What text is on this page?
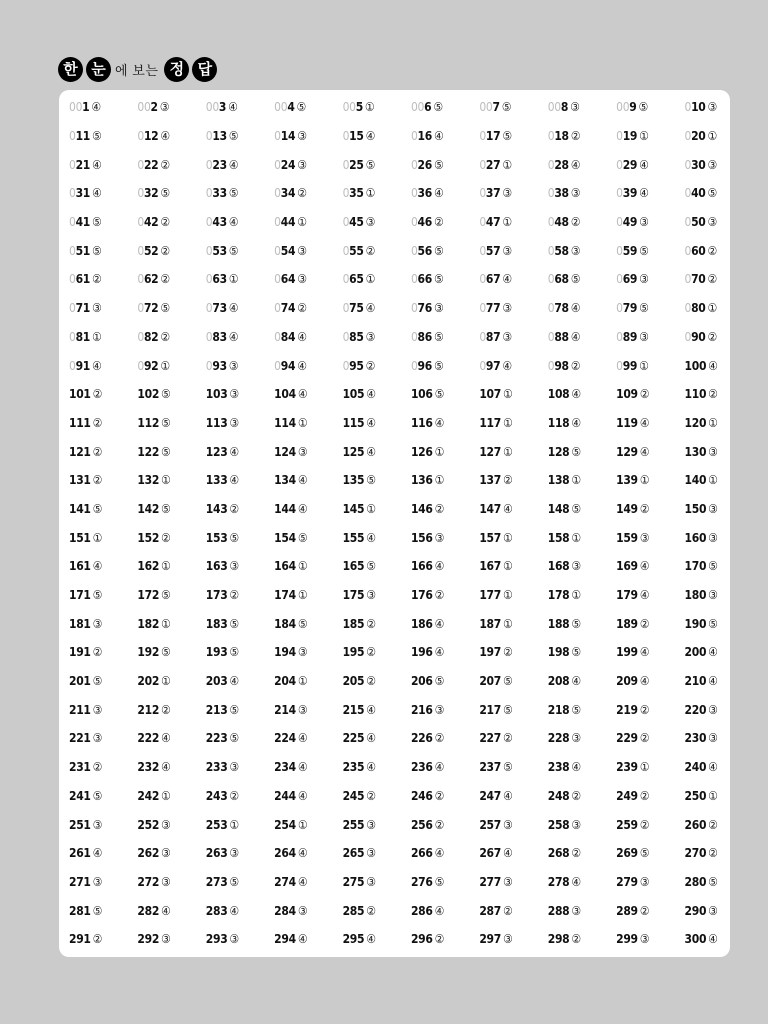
한 눈 에 보는 정 답
001 ④	002 ③	003 ④	004 ⑤	005 ①	006 ⑤	007 ⑤	008 ③	009 ⑤	010 ③
011 ⑤	012 ④	013 ⑤	014 ③	015 ④	016 ④	017 ⑤	018 ②	019 ①	020 ①
021 ④	022 ②	023 ④	024 ③	025 ⑤	026 ⑤	027 ①	028 ④	029 ④	030 ③
031 ④	032 ⑤	033 ⑤	034 ②	035 ①	036 ④	037 ③	038 ③	039 ④	040 ⑤
041 ⑤	042 ②	043 ④	044 ①	045 ③	046 ②	047 ①	048 ②	049 ③	050 ③
051 ⑤	052 ②	053 ⑤	054 ③	055 ②	056 ⑤	057 ③	058 ③	059 ⑤	060 ②
061 ②	062 ②	063 ①	064 ③	065 ①	066 ⑤	067 ④	068 ⑤	069 ③	070 ②
071 ③	072 ⑤	073 ④	074 ②	075 ④	076 ③	077 ③	078 ④	079 ⑤	080 ①
081 ①	082 ②	083 ④	084 ④	085 ③	086 ⑤	087 ③	088 ④	089 ③	090 ②
091 ④	092 ①	093 ③	094 ④	095 ②	096 ⑤	097 ④	098 ②	099 ①	100 ④
101 ②	102 ⑤	103 ③	104 ④	105 ④	106 ⑤	107 ①	108 ④	109 ②	110 ②
111 ②	112 ⑤	113 ③	114 ①	115 ④	116 ④	117 ①	118 ④	119 ④	120 ①
121 ②	122 ⑤	123 ④	124 ③	125 ④	126 ①	127 ①	128 ⑤	129 ④	130 ③
131 ②	132 ①	133 ④	134 ④	135 ⑤	136 ①	137 ②	138 ①	139 ①	140 ①
141 ⑤	142 ⑤	143 ②	144 ④	145 ①	146 ②	147 ④	148 ⑤	149 ②	150 ③
151 ①	152 ②	153 ⑤	154 ⑤	155 ④	156 ③	157 ①	158 ①	159 ③	160 ③
161 ④	162 ①	163 ③	164 ①	165 ⑤	166 ④	167 ①	168 ③	169 ④	170 ⑤
171 ⑤	172 ⑤	173 ②	174 ①	175 ③	176 ②	177 ①	178 ①	179 ④	180 ③
181 ③	182 ①	183 ⑤	184 ⑤	185 ②	186 ④	187 ①	188 ⑤	189 ②	190 ⑤
191 ②	192 ⑤	193 ⑤	194 ③	195 ②	196 ④	197 ②	198 ⑤	199 ④	200 ④
201 ⑤	202 ①	203 ④	204 ①	205 ②	206 ⑤	207 ⑤	208 ④	209 ④	210 ④
211 ③	212 ②	213 ⑤	214 ③	215 ④	216 ③	217 ⑤	218 ⑤	219 ②	220 ③
221 ③	222 ④	223 ⑤	224 ④	225 ④	226 ②	227 ②	228 ③	229 ②	230 ③
231 ②	232 ④	233 ③	234 ④	235 ④	236 ④	237 ⑤	238 ④	239 ①	240 ④
241 ⑤	242 ①	243 ②	244 ④	245 ②	246 ②	247 ④	248 ②	249 ②	250 ①
251 ③	252 ③	253 ①	254 ①	255 ③	256 ②	257 ③	258 ③	259 ②	260 ②
261 ④	262 ③	263 ③	264 ④	265 ③	266 ④	267 ④	268 ②	269 ⑤	270 ②
271 ③	272 ③	273 ⑤	274 ④	275 ③	276 ⑤	277 ③	278 ④	279 ③	280 ⑤
281 ⑤	282 ④	283 ④	284 ③	285 ②	286 ④	287 ②	288 ③	289 ②	290 ③
291 ②	292 ③	293 ③	294 ④	295 ④	296 ②	297 ③	298 ②	299 ③	300 ④
